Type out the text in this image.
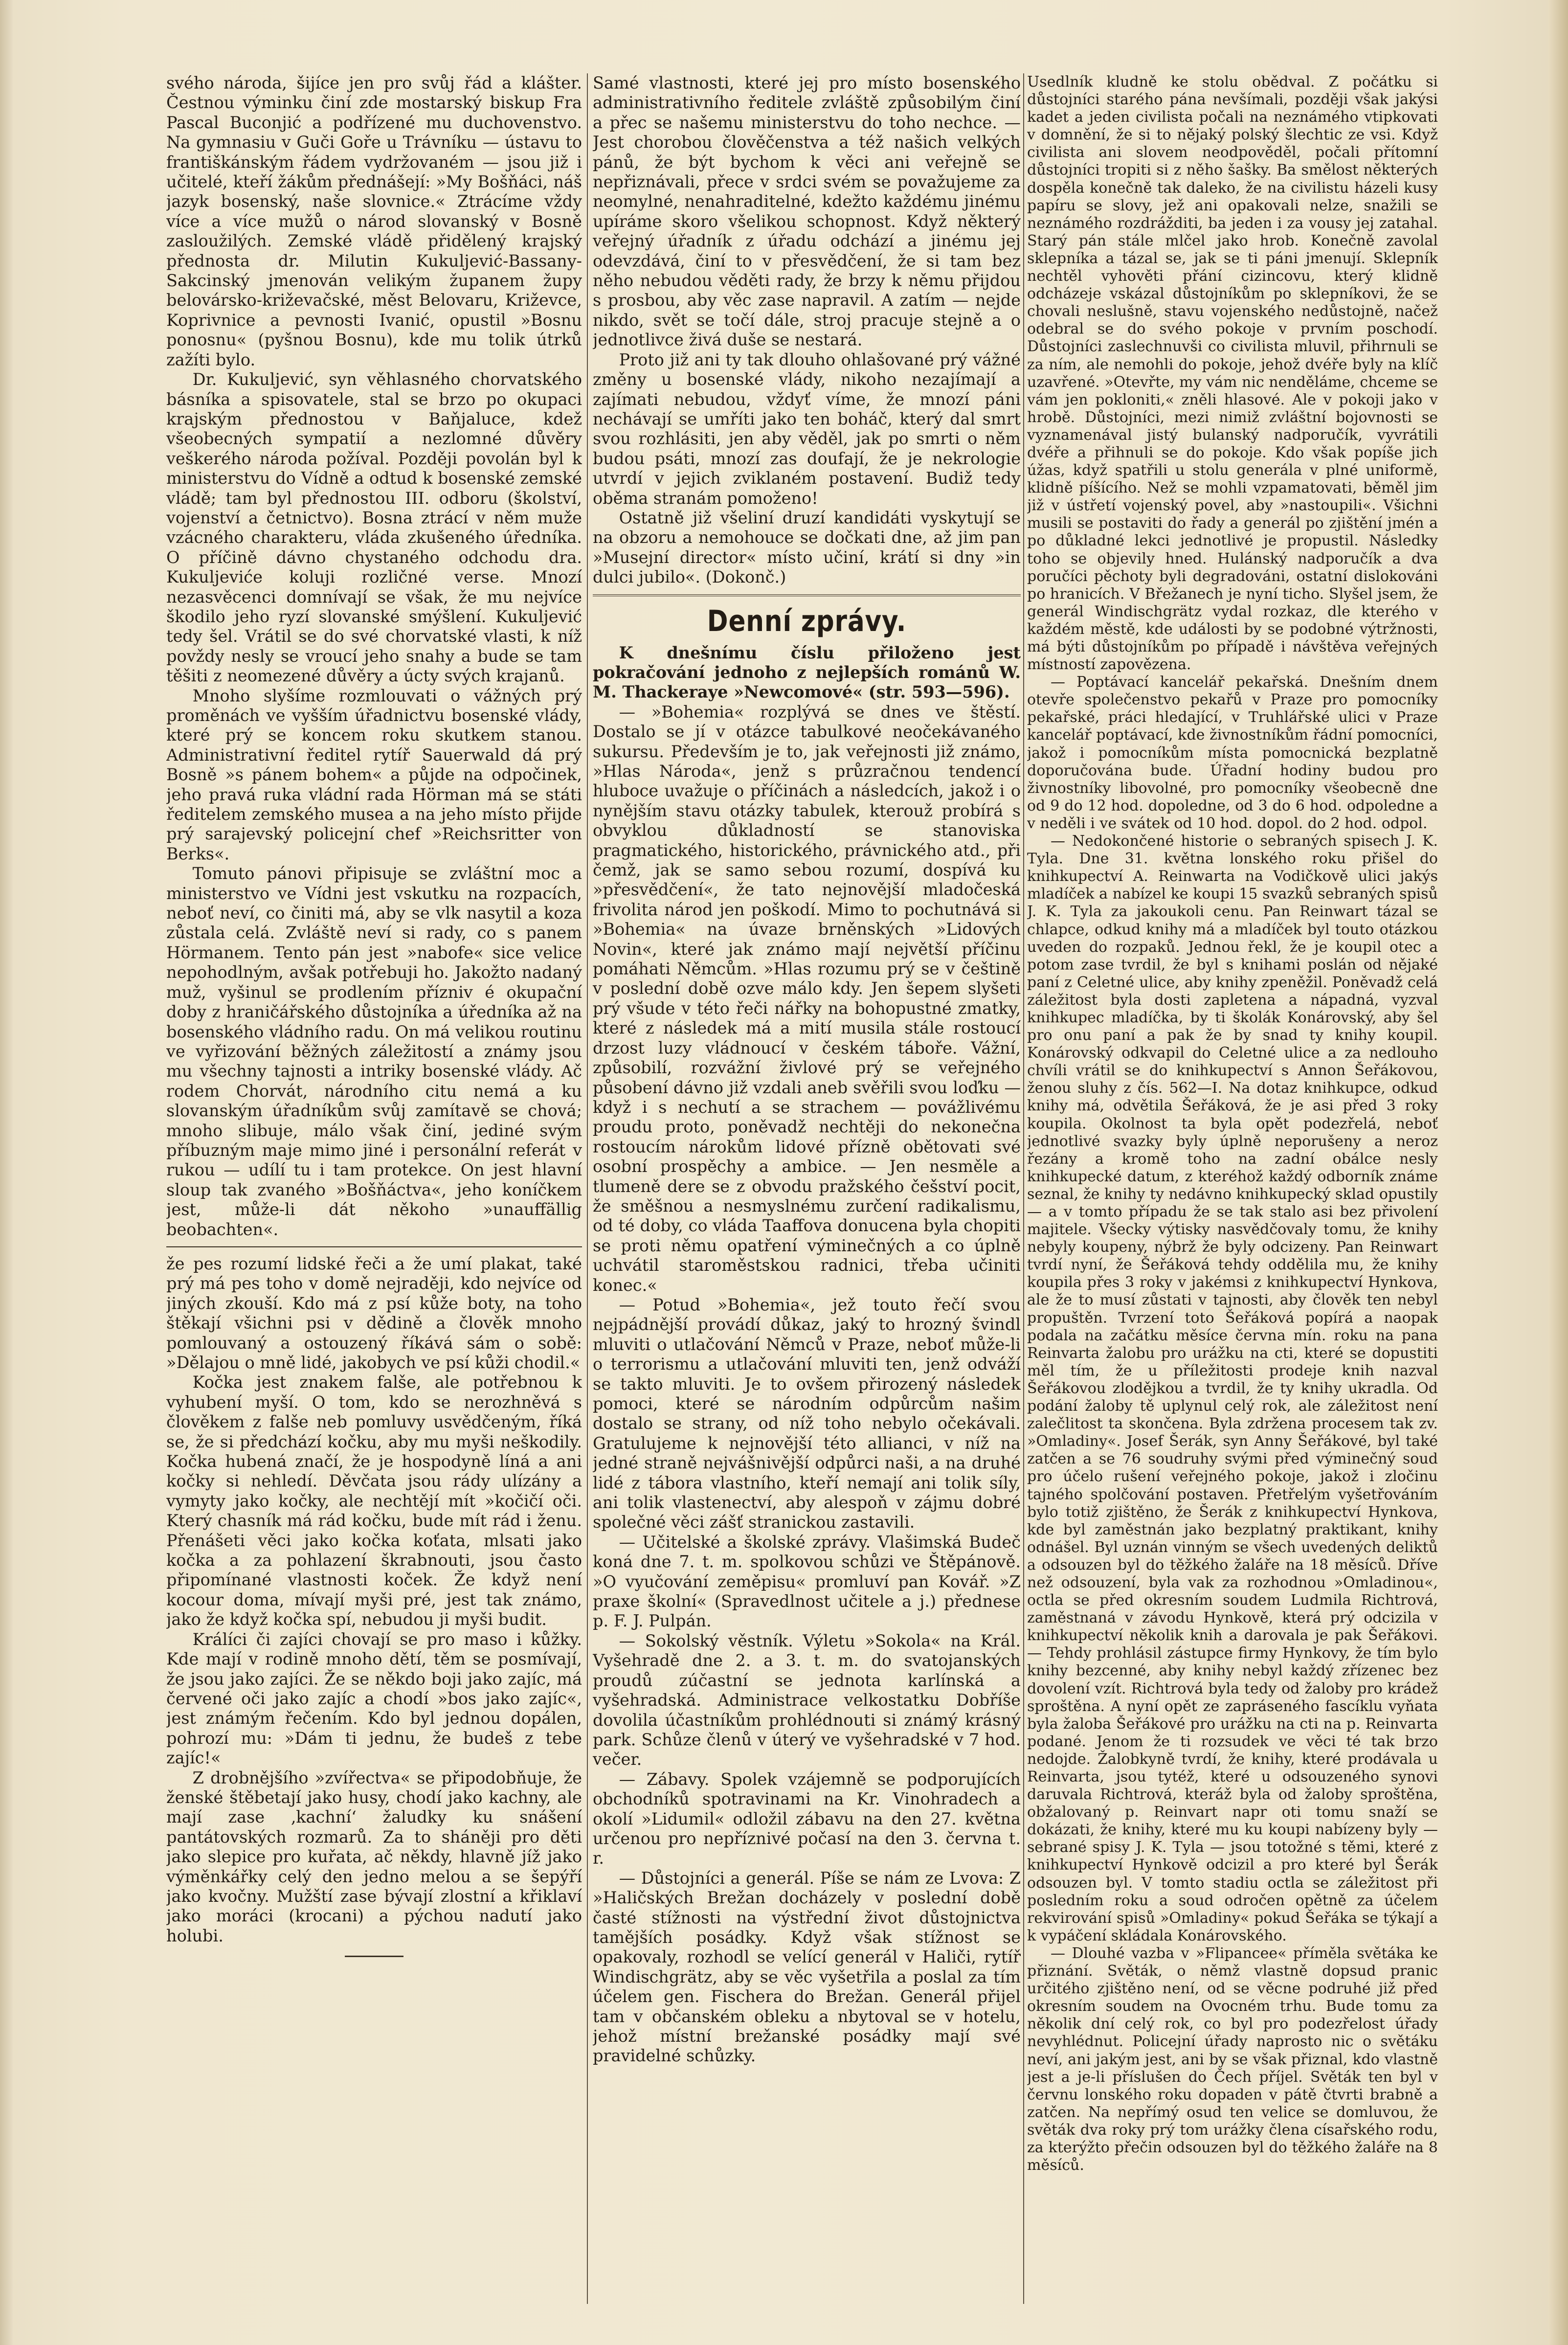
svého národa, šijíce jen pro svůj řád a klášter. Čestnou výminku činí zde mostarský biskup Fra Pascal Buconjić a podřízené mu duchovenstvo. Na gymnasiu v Guči Goře u Trávníku — ústavu to františkánským řádem vydržovaném — jsou již i učitelé, kteří žákům přednášejí: »My Bošňáci, náš jazyk bosenský, naše slovnice.« Ztrácíme vždy více a více mužů o národ slovanský v Bosně zasloužilých. Zemské vládě přidělený krajský přednosta dr. Milutin Kukuljević-Bassany-Sakcinský jmenován velikým županem župy belovársko-križevačské, měst Belovaru, Križevce, Koprivnice a pevnosti Ivanić, opustil »Bosnu ponosnu« (pyšnou Bosnu), kde mu tolik útrků zažíti bylo.

Dr. Kukuljević, syn věhlasného chorvatského básníka a spisovatele, stal se brzo po okupaci krajským přednostou v Baňjaluce, kdež všeobecných sympatií a nezlomné důvěry veškerého národa požíval. Později povolán byl k ministerstvu do Vídně a odtud k bosenské zemské vládě; tam byl přednostou III. odboru (školství, vojenství a četnictvo). Bosna ztrácí v něm muže vzácného charakteru, vláda zkušeného úředníka. O příčině dávno chystaného odchodu dra. Kukuljeviće koluji rozličné verse. Mnozí nezasvěcenci domnívají se však, že mu nejvíce škodilo jeho ryzí slovanské smýšlení. Kukuljević tedy šel. Vrátil se do své chorvatské vlasti, k níž povždy nesly se vroucí jeho snahy a bude se tam těšiti z neomezené důvěry a úcty svých krajanů.

Mnoho slyšíme rozmlouvati o vážných prý proměnách ve vyšším úřadnictvu bosenské vlády, které prý se koncem roku skutkem stanou. Administrativní ředitel rytíř Sauerwald dá prý Bosně »s pánem bohem« a půjde na odpočinek, jeho pravá ruka vládní rada Hörman má se státi ředitelem zemského musea a na jeho místo přijde prý sarajevský policejní chef »Reichsritter von Berks«.

Tomuto pánovi připisuje se zvláštní moc a ministerstvo ve Vídni jest vskutku na rozpacích, neboť neví, co činiti má, aby se vlk nasytil a koza zůstala celá. Zvláště neví si rady, co s panem Hörmanem. Tento pán jest »nabofe« sice velice nepohodlným, avšak potřebuji ho. Jakožto nadaný muž, vyšinul se prodlením přízniv é okupační doby z hraničářského důstojníka a úředníka až na bosenského vládního radu. On má velikou routinu ve vyřizování běžných záležitostí a známy jsou mu všechny tajnosti a intriky bosenské vlády. Ač rodem Chorvát, národního citu nemá a ku slovanským úřadníkům svůj zamítavě se chová; mnoho slibuje, málo však činí, jediné svým příbuzným maje mimo jiné i personální referát v rukou — udílí tu i tam protekce. On jest hlavní sloup tak zvaného »Bošňáctva«, jeho koníčkem jest, může-li dát někoho »unauffällig beobachten«.

že pes rozumí lidské řeči a že umí plakat, také prý má pes toho v domě nejraději, kdo nejvíce od jiných zkouší. Kdo má z psí kůže boty, na toho štěkají všichni psi v dědině a člověk mnoho pomlouvaný a ostouzený říkává sám o sobě: »Dělajou o mně lidé, jakobych ve psí kůži chodil.«

Kočka jest znakem falše, ale potřebnou k vyhubení myší. O tom, kdo se nerozhněvá s člověkem z falše neb pomluvy usvědčeným, říká se, že si předchází kočku, aby mu myši neškodily. Kočka hubená značí, že je hospodyně líná a ani kočky si nehledí. Děvčata jsou rády ulízány a vymyty jako kočky, ale nechtějí mít »kočičí oči. Který chasník má rád kočku, bude mít rád i ženu. Přenášeti věci jako kočka koťata, mlsati jako kočka a za pohlazení škrabnouti, jsou často připomínané vlastnosti koček. Že když není kocour doma, mívají myši pré, jest tak známo, jako že když kočka spí, nebudou ji myši budit.

Králíci či zajíci chovají se pro maso i kůžky. Kde mají v rodině mnoho dětí, těm se posmívají, že jsou jako zajíci. Že se někdo boji jako zajíc, má červené oči jako zajíc a chodí »bos jako zajíc«, jest známým řečením. Kdo byl jednou dopálen, pohrozí mu: »Dám ti jednu, že budeš z tebe zajíc!«

Z drobnějšího »zvířectva« se připodobňuje, že ženské štěbetají jako husy, chodí jako kachny, ale mají zase ‚kachní‘ žaludky ku snášení pantátovských rozmarů. Za to sháněji pro děti jako slepice pro kuřata, ač někdy, hlavně jíž jako výměnkářky celý den jedno melou a se šepýří jako kvočny. Mužští zase bývají zlostní a křiklaví jako moráci (krocani) a pýchou nadutí jako holubi.

Samé vlastnosti, které jej pro místo bosenského administrativního ředitele zvláště způsobilým činí a přec se našemu ministerstvu do toho nechce. — Jest chorobou člověčenstva a též našich velkých pánů, že být bychom k věci ani veřejně se nepřiznávali, přece v srdci svém se považujeme za neomylné, nenahraditelné, kdežto každému jinému upíráme skoro všelikou schopnost. Když některý veřejný úřadník z úřadu odchází a jinému jej odevzdává, činí to v přesvědčení, že si tam bez něho nebudou věděti rady, že brzy k němu přijdou s prosbou, aby věc zase napravil. A zatím — nejde nikdo, svět se točí dále, stroj pracuje stejně a o jednotlivce živá duše se nestará.

Proto již ani ty tak dlouho ohlašované prý vážné změny u bosenské vlády, nikoho nezajímají a zajímati nebudou, vždyť víme, že mnozí páni nechávají se umříti jako ten boháč, který dal smrt svou rozhlásiti, jen aby věděl, jak po smrti o něm budou psáti, mnozí zas doufají, že je nekrologie utvrdí v jejich zviklaném postavení. Budiž tedy oběma stranám pomoženo!

Ostatně již všeliní druzí kandidáti vyskytují se na obzoru a nemohouce se dočkati dne, až jim pan »Musejní director« místo učiní, krátí si dny »in dulci jubilo«. (Dokonč.)

Denní zprávy.

K dnešnímu číslu přiloženo jest pokračování jednoho z nejlepších románů W. M. Thackeraye »Newcomové« (str. 593—596).

— »Bohemia« rozplývá se dnes ve štěstí. Dostalo se jí v otázce tabulkové neočekávaného sukursu. Především je to, jak veřejnosti již známo, »Hlas Národa«, jenž s průzračnou tendencí hluboce uvažuje o příčinách a následcích, jakož i o nynějším stavu otázky tabulek, kterouž probírá s obvyklou důkladností se stanoviska pragmatického, historického, právnického atd., při čemž, jak se samo sebou rozumí, dospívá ku »přesvědčení«, že tato nejnovější mladočeská frivolita národ jen poškodí. Mimo to pochutnává si »Bohemia« na úvaze brněnských »Lidových Novin«, které jak známo mají největší příčinu pomáhati Němcům. »Hlas rozumu prý se v češtině v poslední době ozve málo kdy. Jen šepem slyšeti prý všude v této řeči nářky na bohopustné zmatky, které z následek má a mití musila stále rostoucí drzost luzy vládnoucí v českém táboře. Vážní, způsobilí, rozvážní živlové prý se veřejného působení dávno již vzdali aneb svěřili svou loďku — když i s nechutí a se strachem — povážlivému proudu proto, poněvadž nechtěji do nekonečna rostoucím nárokům lidové přízně obětovati své osobní prospěchy a ambice. — Jen nesměle a tlumeně dere se z obvodu pražského češství pocit, že směšnou a nesmyslnému zurčení radikalismu, od té doby, co vláda Taaffova donucena byla chopiti se proti němu opatření výminečných a co úplně uchvátil staroměstskou radnici, třeba učiniti konec.«

— Potud »Bohemia«, jež touto řečí svou nejpádnější provádí důkaz, jaký to hrozný švindl mluviti o utlačování Němců v Praze, neboť může-li o terrorismu a utlačování mluviti ten, jenž odváží se takto mluviti. Je to ovšem přirozený následek pomoci, které se národním odpůrcům našim dostalo se strany, od níž toho nebylo očekávali. Gratulujeme k nejnovější této allianci, v níž na jedné straně nejvášnivější odpůrci naši, a na druhé lidé z tábora vlastního, kteří nemají ani tolik síly, ani tolik vlastenectví, aby alespoň v zájmu dobré společné věci zášť stranickou zastavili.

— Učitelské a školské zprávy. Vlašimská Budeč koná dne 7. t. m. spolkovou schůzi ve Štěpánově. »O vyučování zeměpisu« promluví pan Kovář. »Z praxe školní« (Spravedlnost učitele a j.) přednese p. F. J. Pulpán.

— Sokolský věstník. Výletu »Sokola« na Král. Vyšehradě dne 2. a 3. t. m. do svatojanských proudů zúčastní se jednota karlínská a vyšehradská. Administrace velkostatku Dobříše dovolila účastníkům prohlédnouti si známý krásný park. Schůze členů v úterý ve vyšehradské v 7 hod. večer.

— Zábavy. Spolek vzájemně se podporujících obchodníků spotravinami na Kr. Vinohradech a okolí »Lidumil« odložil zábavu na den 27. května určenou pro nepříznivé počasí na den 3. června t. r.

— Důstojníci a generál. Píše se nám ze Lvova: Z »Haličských Brežan docházely v poslední době časté stížnosti na výstřední život důstojnictva tamějších posádky. Když však stížnost se opakovaly, rozhodl se velící generál v Haliči, rytíř Windischgrätz, aby se věc vyšetřila a poslal za tím účelem gen. Fischera do Brežan. Generál přijel tam v občanském obleku a nbytoval se v hotelu, jehož místní brežanské posádky mají své pravidelné schůzky.

Usedlník kludně ke stolu obědval. Z počátku si důstojníci starého pána nevšímali, později však jakýsi kadet a jeden civilista počali na neznámého vtipkovati v domnění, že si to nějaký polský šlechtic ze vsi. Když civilista ani slovem neodpověděl, počali přítomní důstojníci tropiti si z něho šašky. Ba smělost některých dospěla konečně tak daleko, že na civilistu házeli kusy papíru se slovy, jež ani opakovali nelze, snažili se neznámého rozdrážditi, ba jeden i za vousy jej zatahal. Starý pán stále mlčel jako hrob. Konečně zavolal sklepníka a tázal se, jak se ti páni jmenují. Sklepník nechtěl vyhověti přání cizincovu, který klidně odcházeje vskázal důstojníkům po sklepníkovi, že se chovali neslušně, stavu vojenského nedůstojně, načež odebral se do svého pokoje v prvním poschodí. Důstojníci zaslechnuvši co civilista mluvil, přihrnuli se za ním, ale nemohli do pokoje, jehož dvéře byly na klíč uzavřené. »Otevřte, my vám nic nenděláme, chceme se vám jen pokloniti,« zněli hlasové. Ale v pokoji jako v hrobě. Důstojníci, mezi nimiž zvláštní bojovnosti se vyznamenával jistý bulanský nadporučík, vyvrátili dvéře a přihnuli se do pokoje. Kdo však popíše jich úžas, když spatřili u stolu generála v plné uniformě, klidně píšícího. Než se mohli vzpamatovati, běměl jim již v ústřetí vojenský povel, aby »nastoupili«. Všichni musili se postaviti do řady a generál po zjištění jmén a po důkladné lekci jednotlivé je propustil. Následky toho se objevily hned. Hulánský nadporučík a dva poručíci pěchoty byli degradováni, ostatní dislokováni po hranicích. V Břežanech je nyní ticho. Slyšel jsem, že generál Windischgrätz vydal rozkaz, dle kterého v každém městě, kde události by se podobné výtržnosti, má býti důstojníkům po případě i návštěva veřejných místností zapovězena.

— Poptávací kancelář pekařská. Dnešním dnem otevře společenstvo pekařů v Praze pro pomocníky pekařské, práci hledající, v Truhlářské ulici v Praze kancelář poptávací, kde živnostníkům řádní pomocníci, jakož i pomocníkům místa pomocnická bezplatně doporučována bude. Úřadní hodiny budou pro živnostníky libovolné, pro pomocníky všeobecně dne od 9 do 12 hod. dopoledne, od 3 do 6 hod. odpoledne a v neděli i ve svátek od 10 hod. dopol. do 2 hod. odpol.

— Nedokončené historie o sebraných spisech J. K. Tyla. Dne 31. května lonského roku přišel do knihkupectví A. Reinwarta na Vodičkově ulici jakýs mladíček a nabízel ke koupi 15 svazků sebraných spisů J. K. Tyla za jakoukoli cenu. Pan Reinwart tázal se chlapce, odkud knihy má a mladíček byl touto otázkou uveden do rozpaků. Jednou řekl, že je koupil otec a potom zase tvrdil, že byl s knihami poslán od nějaké paní z Celetné ulice, aby knihy zpeněžil. Poněvadž celá záležitost byla dosti zapletena a nápadná, vyzval knihkupec mladíčka, by ti školák Konárovský, aby šel pro onu paní a pak že by snad ty knihy koupil. Konárovský odkvapil do Celetné ulice a za nedlouho chvíli vrátil se do knihkupectví s Annon Šeřákovou, ženou sluhy z čís. 562—I. Na dotaz knihkupce, odkud knihy má, odvětila Šeřáková, že je asi před 3 roky koupila. Okolnost ta byla opět podezřelá, neboť jednotlivé svazky byly úplně neporušeny a neroz řezány a kromě toho na zadní obálce nesly knihkupecké datum, z kteréhož každý odborník známe seznal, že knihy ty nedávno knihkupecký sklad opustily — a v tomto případu že se tak stalo asi bez přivolení majitele. Všecky výtisky nasvědčovaly tomu, že knihy nebyly koupeny, nýbrž že byly odcizeny. Pan Reinwart tvrdí nyní, že Šeřáková tehdy oddělila mu, že knihy koupila přes 3 roky v jakémsi z knihkupectví Hynkova, ale že to musí zůstati v tajnosti, aby člověk ten nebyl propuštěn. Tvrzení toto Šeřáková popírá a naopak podala na začátku měsíce června mín. roku na pana Reinvarta žalobu pro urážku na cti, které se dopustiti měl tím, že u příležitosti prodeje knih nazval Šeřákovou zlodějkou a tvrdil, že ty knihy ukradla. Od podání žaloby tě uplynul celý rok, ale záležitost není zalečlitost ta skončena. Byla zdržena procesem tak zv. »Omladiny«. Josef Šerák, syn Anny Šeřákové, byl také zatčen a se 76 soudruhy svými před výminečný soud pro účelo rušení veřejného pokoje, jakož i zločinu tajného spolčování postaven. Přetřelým vyšetřováním bylo totiž zjištěno, že Šerák z knihkupectví Hynkova, kde byl zaměstnán jako bezplatný praktikant, knihy odnášel. Byl uznán vinným se všech uvedených deliktů a odsouzen byl do těžkého žaláře na 18 měsíců. Dříve než odsouzení, byla vak za rozhodnou »Omladinou«, octla se před okresním soudem Ludmila Richtrová, zaměstnaná v závodu Hynkově, která prý odcizila v knihkupectví několik knih a darovala je pak Šeřákovi. — Tehdy prohlásil zástupce firmy Hynkovy, že tím bylo knihy bezcenné, aby knihy nebyl každý zřízenec bez dovolení vzít. Richtrová byla tedy od žaloby pro krádež sproštěna. A nyní opět ze zapráseného fascíklu vyňata byla žaloba Šeřákové pro urážku na cti na p. Reinvarta podané. Jenom že ti rozsudek ve věci té tak brzo nedojde. Žalobkyně tvrdí, že knihy, které prodávala u Reinvarta, jsou tytéž, které u odsouzeného synovi daruvala Richtrová, kteráž byla od žaloby sproštěna, obžalovaný p. Reinvart napr oti tomu snaží se dokázati, že knihy, které mu ku koupi nabízeny byly — sebrané spisy J. K. Tyla — jsou totožné s těmi, které z knihkupectví Hynkově odcizil a pro které byl Šerák odsouzen byl. V tomto stadiu octla se záležitost při posledním roku a soud odročen opětně za účelem rekvirování spisů »Omladiny« pokud Šeřáka se týkají a k vypáčení skládala Konárovského.

— Dlouhé vazba v »Flipancee« příměla světáka ke přiznání. Světák, o němž vlastně dopsud pranic určitého zjištěno není, od se věcne podruhé již před okresním soudem na Ovocném trhu. Bude tomu za několik dní celý rok, co byl pro podezřelost úřady nevyhlédnut. Policejní úřady naprosto nic o světáku neví, ani jakým jest, ani by se však přiznal, kdo vlastně jest a je-li příslušen do Čech příjel. Světák ten byl v červnu lonského roku dopaden v pátě čtvrti brabně a zatčen. Na nepřímý osud ten velice se domluvou, že světák dva roky prý tom urážky člena císařského rodu, za kterýžto přečin odsouzen byl do těžkého žaláře na 8 měsíců.
